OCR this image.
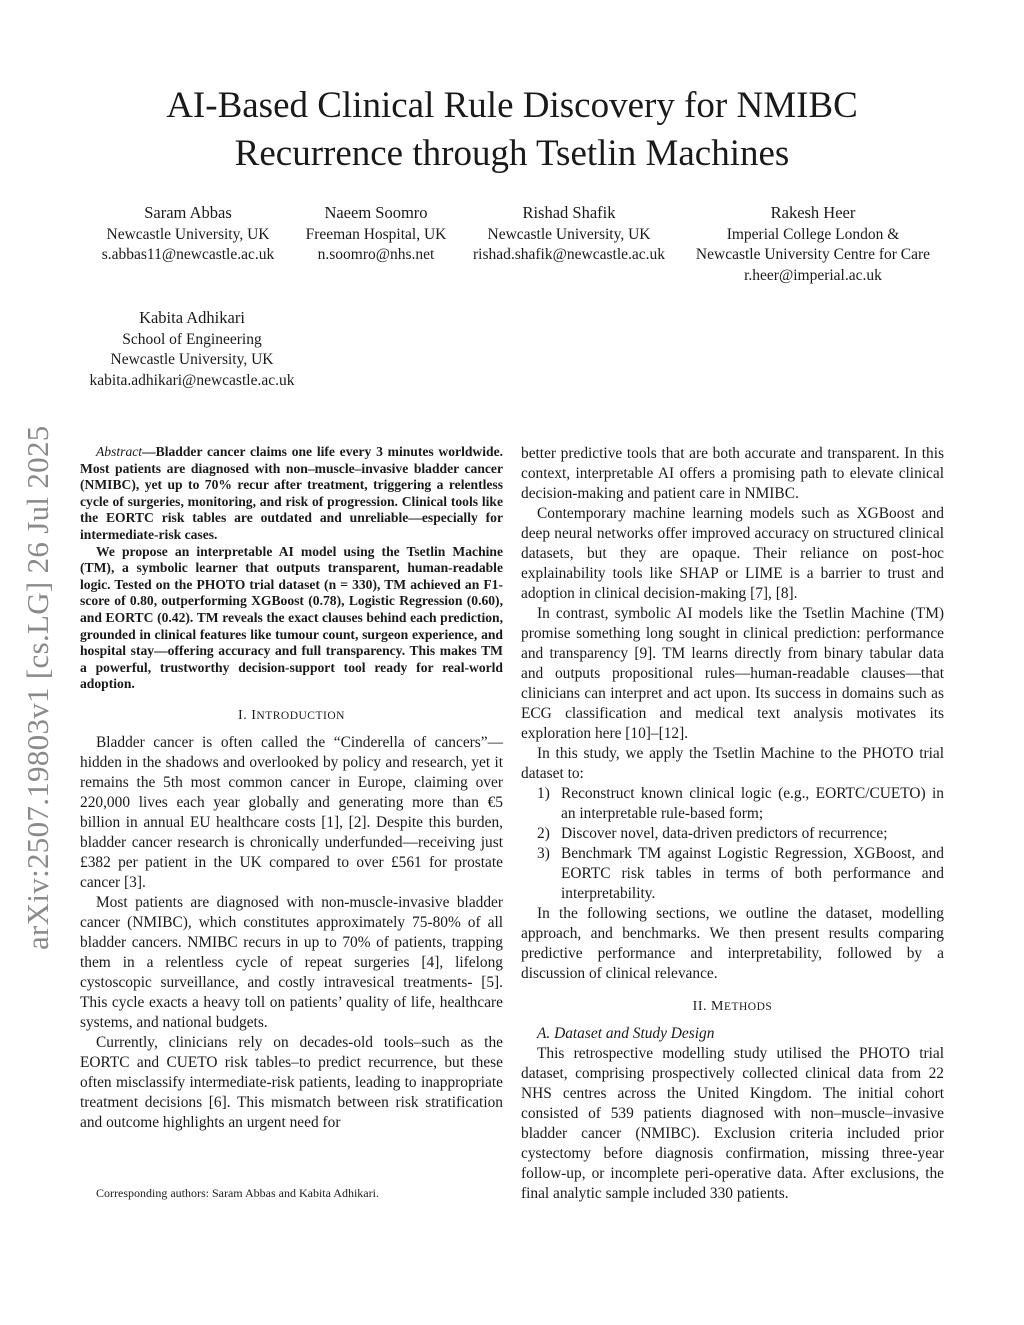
AI-Based Clinical Rule Discovery for NMIBC
Recurrence through Tsetlin Machines
Saram Abbas
Newcastle University, UK
s.abbas11@newcastle.ac.uk
Naeem Soomro
Freeman Hospital, UK
n.soomro@nhs.net
Rishad Shafik
Newcastle University, UK
rishad.shafik@newcastle.ac.uk
Rakesh Heer
Imperial College London &
Newcastle University Centre for Care
r.heer@imperial.ac.uk
Kabita Adhikari
School of Engineering
Newcastle University, UK
kabita.adhikari@newcastle.ac.uk
arXiv:2507.19803v1 [cs.LG] 26 Jul 2025	Abstract—Bladder cancer claims one life every 3 minutes worldwide. Most patients are diagnosed with non–muscle–invasive bladder cancer (NMIBC), yet up to 70% recur after treatment, triggering a relentless cycle of surgeries, monitoring, and risk of progression. Clinical tools like the EORTC risk tables are outdated and unreliable—especially for intermediate-risk cases.

We propose an interpretable AI model using the Tsetlin Machine (TM), a symbolic learner that outputs transparent, human-readable logic. Tested on the PHOTO trial dataset (n = 330), TM achieved an F1-score of 0.80, outperforming XGBoost (0.78), Logistic Regression (0.60), and EORTC (0.42). TM reveals the exact clauses behind each prediction, grounded in clinical features like tumour count, surgeon experience, and hospital stay—offering accuracy and full transparency. This makes TM a powerful, trustworthy decision-support tool ready for real-world adoption.

I. INTRODUCTION

Bladder cancer is often called the “Cinderella of cancers”—hidden in the shadows and overlooked by policy and research, yet it remains the 5th most common cancer in Europe, claiming over 220,000 lives each year globally and generating more than €5 billion in annual EU healthcare costs [1], [2]. Despite this burden, bladder cancer research is chronically underfunded—receiving just £382 per patient in the UK compared to over £561 for prostate cancer [3].

Most patients are diagnosed with non-muscle-invasive bladder cancer (NMIBC), which constitutes approximately 75-80% of all bladder cancers. NMIBC recurs in up to 70% of patients, trapping them in a relentless cycle of repeat surgeries [4], lifelong cystoscopic surveillance, and costly intravesical treatments- [5]. This cycle exacts a heavy toll on patients’ quality of life, healthcare systems, and national budgets.

Currently, clinicians rely on decades-old tools–such as the EORTC and CUETO risk tables–to predict recurrence, but these often misclassify intermediate-risk patients, leading to inappropriate treatment decisions [6]. This mismatch between risk stratification and outcome highlights an urgent need for

Corresponding authors: Saram Abbas and Kabita Adhikari.

better predictive tools that are both accurate and transparent. In this context, interpretable AI offers a promising path to elevate clinical decision-making and patient care in NMIBC.

Contemporary machine learning models such as XGBoost and deep neural networks offer improved accuracy on structured clinical datasets, but they are opaque. Their reliance on post-hoc explainability tools like SHAP or LIME is a barrier to trust and adoption in clinical decision-making [7], [8].

In contrast, symbolic AI models like the Tsetlin Machine (TM) promise something long sought in clinical prediction: performance and transparency [9]. TM learns directly from binary tabular data and outputs propositional rules—human-readable clauses—that clinicians can interpret and act upon. Its success in domains such as ECG classification and medical text analysis motivates its exploration here [10]–[12].

In this study, we apply the Tsetlin Machine to the PHOTO trial dataset to:

1) Reconstruct known clinical logic (e.g., EORTC/CUETO) in an interpretable rule-based form;
2) Discover novel, data-driven predictors of recurrence;
3) Benchmark TM against Logistic Regression, XGBoost, and EORTC risk tables in terms of both performance and interpretability.

In the following sections, we outline the dataset, modelling approach, and benchmarks. We then present results comparing predictive performance and interpretability, followed by a discussion of clinical relevance.

II. METHODS

A. Dataset and Study Design

This retrospective modelling study utilised the PHOTO trial dataset, comprising prospectively collected clinical data from 22 NHS centres across the United Kingdom. The initial cohort consisted of 539 patients diagnosed with non–muscle–invasive bladder cancer (NMIBC). Exclusion criteria included prior cystectomy before diagnosis confirmation, missing three-year follow-up, or incomplete peri-operative data. After exclusions, the final analytic sample included 330 patients.
